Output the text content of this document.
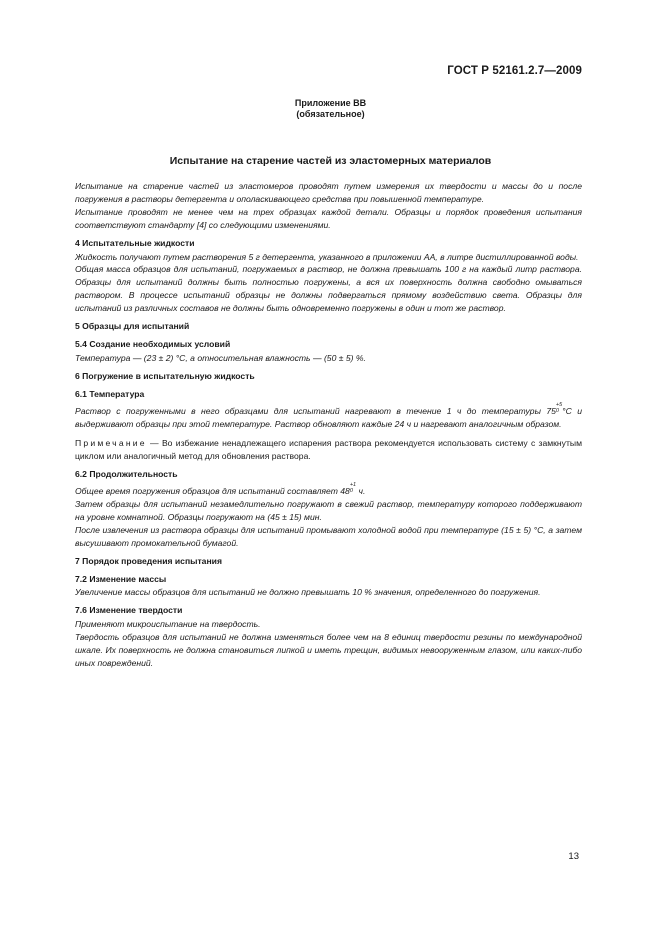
ГОСТ Р 52161.2.7—2009
Приложение ВВ
(обязательное)
Испытание на старение частей из эластомерных материалов

Испытание на старение частей из эластомеров проводят путем измерения их твердости и массы до и после погружения в растворы детергента и ополаскивающего средства при повышенной температуре.

Испытание проводят не менее чем на трех образцах каждой детали. Образцы и порядок проведения испытания соответствуют стандарту [4] со следующими изменениями.

4 Испытательные жидкости

Жидкость получают путем растворения 5 г детергента, указанного в приложении АА, в литре дистиллированной воды.

Общая масса образцов для испытаний, погружаемых в раствор, не должна превышать 100 г на каждый литр раствора. Образцы для испытаний должны быть полностью погружены, а вся их поверхность должна свободно омываться раствором. В процессе испытаний образцы не должны подвергаться прямому воздействию света. Образцы для испытаний из различных составов не должны быть одновременно погружены в один и тот же раствор.

5 Образцы для испытаний

5.4 Создание необходимых условий

Температура — (23 ± 2) °С, а относительная влажность — (50 ± 5) %.

6 Погружение в испытательную жидкость

6.1 Температура

Раствор с погруженными в него образцами для испытаний нагревают в течение 1 ч до температуры 75+5
0 °С и выдерживают образцы при этой температуре. Раствор обновляют каждые 24 ч и нагревают аналогичным образом.

Примечание — Во избежание ненадлежащего испарения раствора рекомендуется использовать систему с замкнутым циклом или аналогичный метод для обновления раствора.

6.2 Продолжительность

Общее время погружения образцов для испытаний составляет 48+1
0 ч.

Затем образцы для испытаний незамедлительно погружают в свежий раствор, температуру которого поддерживают на уровне комнатной. Образцы погружают на (45 ± 15) мин.

После извлечения из раствора образцы для испытаний промывают холодной водой при температуре (15 ± 5) °С, а затем высушивают промокательной бумагой.

7 Порядок проведения испытания

7.2 Изменение массы

Увеличение массы образцов для испытаний не должно превышать 10 % значения, определенного до погружения.

7.6 Изменение твердости

Применяют микроиспытание на твердость.

Твердость образцов для испытаний не должна изменяться более чем на 8 единиц твердости резины по международной шкале. Их поверхность не должна становиться липкой и иметь трещин, видимых невооруженным глазом, или каких-либо иных повреждений.

13
